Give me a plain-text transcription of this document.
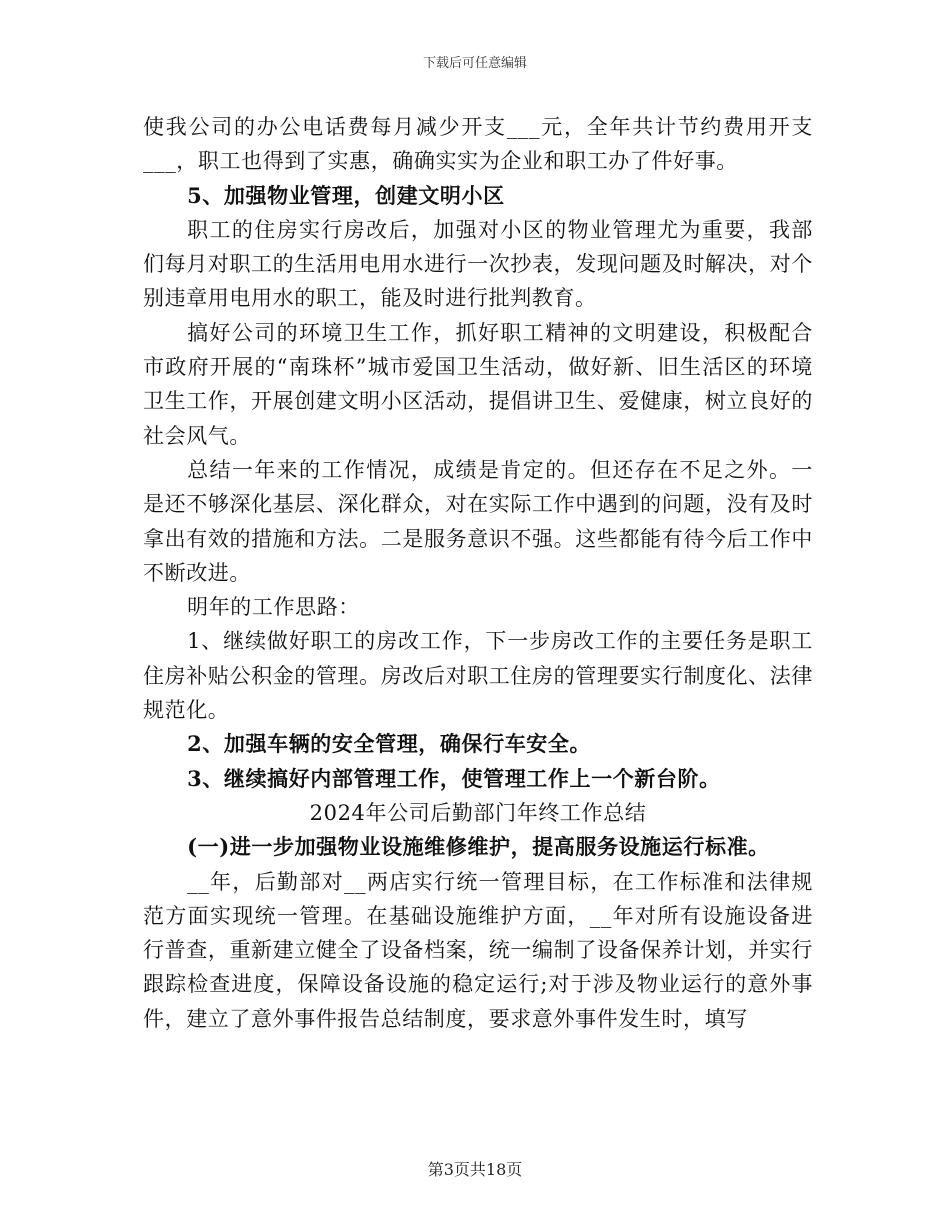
下载后可任意编辑

使我公司的办公电话费每月减少开支___元，全年共计节约费用开支___，职工也得到了实惠，确确实实为企业和职工办了件好事。

5、加强物业管理，创建文明小区

职工的住房实行房改后，加强对小区的物业管理尤为重要，我部们每月对职工的生活用电用水进行一次抄表，发现问题及时解决，对个别违章用电用水的职工，能及时进行批判教育。

搞好公司的环境卫生工作，抓好职工精神的文明建设，积极配合市政府开展的“南珠杯”城市爱国卫生活动，做好新、旧生活区的环境卫生工作，开展创建文明小区活动，提倡讲卫生、爱健康，树立良好的社会风气。

总结一年来的工作情况，成绩是肯定的。但还存在不足之外。一是还不够深化基层、深化群众，对在实际工作中遇到的问题，没有及时拿出有效的措施和方法。二是服务意识不强。这些都能有待今后工作中不断改进。

明年的工作思路：

1、继续做好职工的房改工作，下一步房改工作的主要任务是职工住房补贴公积金的管理。房改后对职工住房的管理要实行制度化、法律规范化。

2、加强车辆的安全管理，确保行车安全。

3、继续搞好内部管理工作，使管理工作上一个新台阶。

2024年公司后勤部门年终工作总结

(一)进一步加强物业设施维修维护，提高服务设施运行标准。

__年，后勤部对__两店实行统一管理目标，在工作标准和法律规范方面实现统一管理。在基础设施维护方面，__年对所有设施设备进行普查，重新建立健全了设备档案，统一编制了设备保养计划，并实行跟踪检查进度，保障设备设施的稳定运行;对于涉及物业运行的意外事件，建立了意外事件报告总结制度，要求意外事件发生时，填写

第3页共18页
